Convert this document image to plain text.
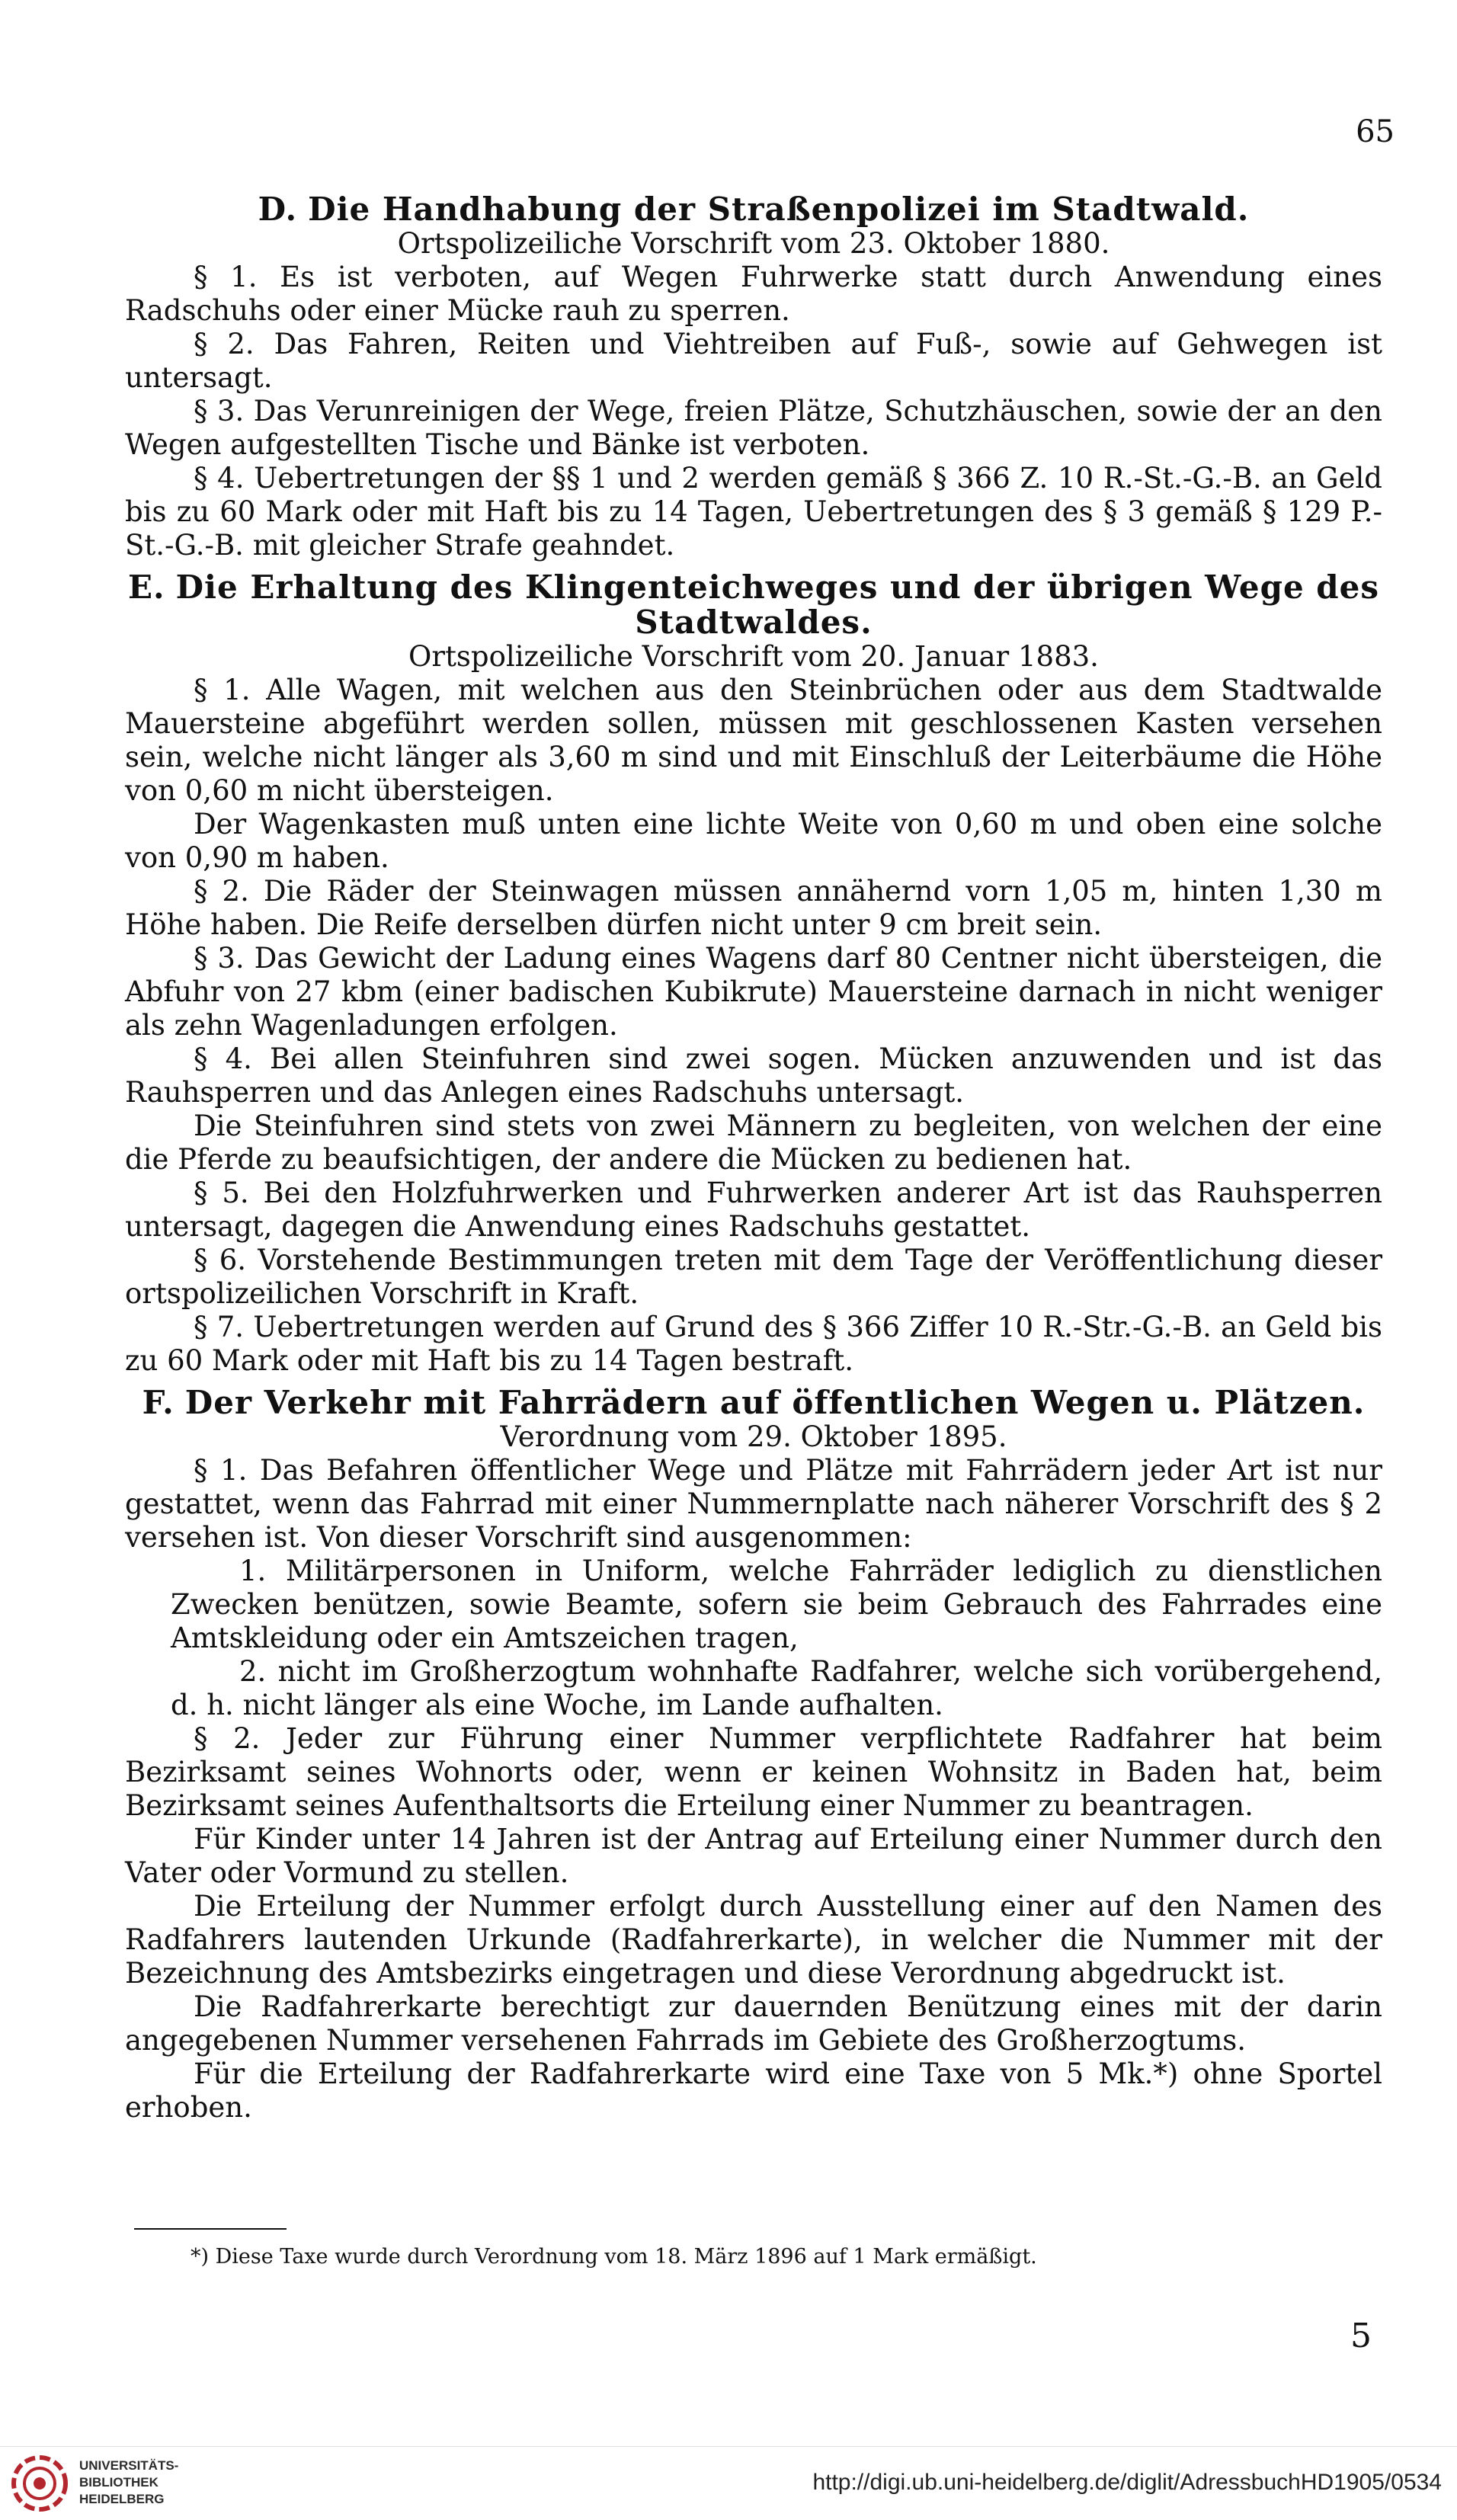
65
D. Die Handhabung der Straßenpolizei im Stadtwald.
Ortspolizeiliche Vorschrift vom 23. Oktober 1880.

§ 1. Es ist verboten, auf Wegen Fuhrwerke statt durch Anwendung eines Radschuhs oder einer Mücke rauh zu sperren.

§ 2. Das Fahren, Reiten und Viehtreiben auf Fuß-, sowie auf Gehwegen ist untersagt.

§ 3. Das Verunreinigen der Wege, freien Plätze, Schutzhäuschen, sowie der an den Wegen aufgestellten Tische und Bänke ist verboten.

§ 4. Uebertretungen der §§ 1 und 2 werden gemäß § 366 Z. 10 R.-St.-G.-B. an Geld bis zu 60 Mark oder mit Haft bis zu 14 Tagen, Uebertretungen des § 3 gemäß § 129 P.-St.-G.-B. mit gleicher Strafe geahndet.

E. Die Erhaltung des Klingenteichweges und der übrigen Wege des Stadtwaldes.
Ortspolizeiliche Vorschrift vom 20. Januar 1883.

§ 1. Alle Wagen, mit welchen aus den Steinbrüchen oder aus dem Stadtwalde Mauersteine abgeführt werden sollen, müssen mit geschlossenen Kasten versehen sein, welche nicht länger als 3,60 m sind und mit Einschluß der Leiterbäume die Höhe von 0,60 m nicht übersteigen.

Der Wagenkasten muß unten eine lichte Weite von 0,60 m und oben eine solche von 0,90 m haben.

§ 2. Die Räder der Steinwagen müssen annähernd vorn 1,05 m, hinten 1,30 m Höhe haben. Die Reife derselben dürfen nicht unter 9 cm breit sein.

§ 3. Das Gewicht der Ladung eines Wagens darf 80 Centner nicht übersteigen, die Abfuhr von 27 kbm (einer badischen Kubikrute) Mauersteine darnach in nicht weniger als zehn Wagenladungen erfolgen.

§ 4. Bei allen Steinfuhren sind zwei sogen. Mücken anzuwenden und ist das Rauhsperren und das Anlegen eines Radschuhs untersagt.

Die Steinfuhren sind stets von zwei Männern zu begleiten, von welchen der eine die Pferde zu beaufsichtigen, der andere die Mücken zu bedienen hat.

§ 5. Bei den Holzfuhrwerken und Fuhrwerken anderer Art ist das Rauhsperren untersagt, dagegen die Anwendung eines Radschuhs gestattet.

§ 6. Vorstehende Bestimmungen treten mit dem Tage der Veröffentlichung dieser ortspolizeilichen Vorschrift in Kraft.

§ 7. Uebertretungen werden auf Grund des § 366 Ziffer 10 R.-Str.-G.-B. an Geld bis zu 60 Mark oder mit Haft bis zu 14 Tagen bestraft.

F. Der Verkehr mit Fahrrädern auf öffentlichen Wegen u. Plätzen.
Verordnung vom 29. Oktober 1895.

§ 1. Das Befahren öffentlicher Wege und Plätze mit Fahrrädern jeder Art ist nur gestattet, wenn das Fahrrad mit einer Nummernplatte nach näherer Vorschrift des § 2 versehen ist. Von dieser Vorschrift sind ausgenommen:

1. Militärpersonen in Uniform, welche Fahrräder lediglich zu dienstlichen Zwecken benützen, sowie Beamte, sofern sie beim Gebrauch des Fahrrades eine Amtskleidung oder ein Amtszeichen tragen,

2. nicht im Großherzogtum wohnhafte Radfahrer, welche sich vorübergehend, d. h. nicht länger als eine Woche, im Lande aufhalten.

§ 2. Jeder zur Führung einer Nummer verpflichtete Radfahrer hat beim Bezirksamt seines Wohnorts oder, wenn er keinen Wohnsitz in Baden hat, beim Bezirksamt seines Aufenthaltsorts die Erteilung einer Nummer zu beantragen.

Für Kinder unter 14 Jahren ist der Antrag auf Erteilung einer Nummer durch den Vater oder Vormund zu stellen.

Die Erteilung der Nummer erfolgt durch Ausstellung einer auf den Namen des Radfahrers lautenden Urkunde (Radfahrerkarte), in welcher die Nummer mit der Bezeichnung des Amtsbezirks eingetragen und diese Verordnung abgedruckt ist.

Die Radfahrerkarte berechtigt zur dauernden Benützung eines mit der darin angegebenen Nummer versehenen Fahrrads im Gebiete des Großherzogtums.

Für die Erteilung der Radfahrerkarte wird eine Taxe von 5 Mk.*) ohne Sportel erhoben.

*) Diese Taxe wurde durch Verordnung vom 18. März 1896 auf 1 Mark ermäßigt.
5
UNIVERSITÄTS-
BIBLIOTHEK
HEIDELBERG
http://digi.ub.uni-heidelberg.de/diglit/AdressbuchHD1905/0534
